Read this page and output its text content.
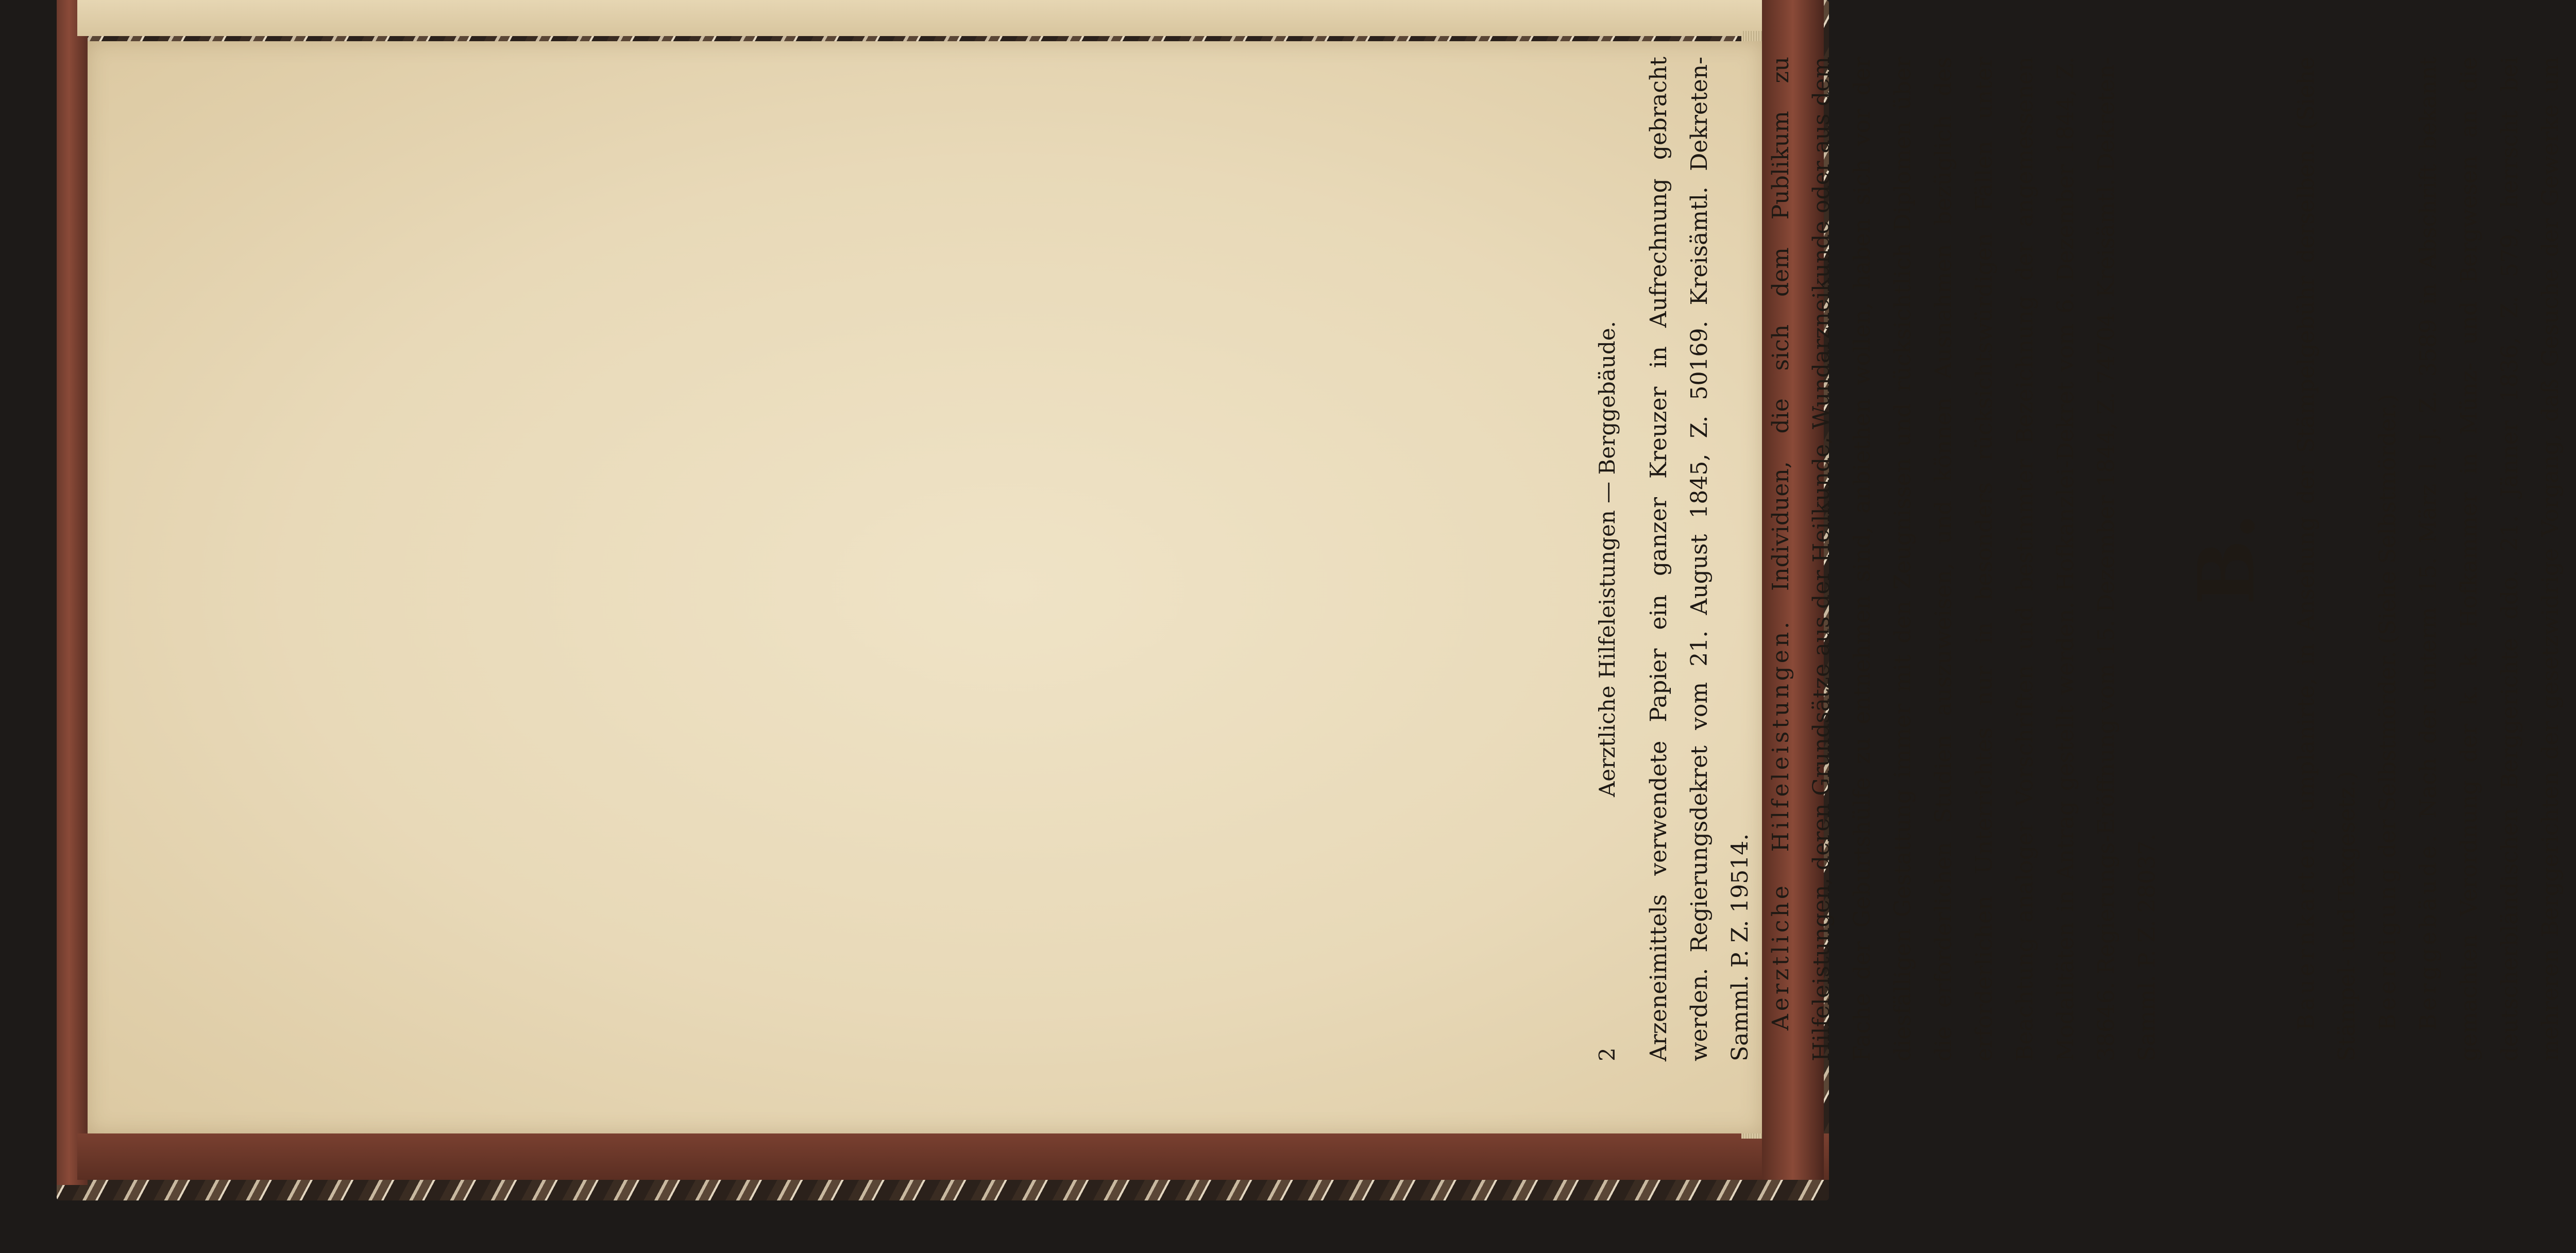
2
Aerztliche Hilfeleistungen — Berggebäude.	Arzeneimittels verwendete Papier ein ganzer Kreuzer in Aufrechnung gebracht werden. Regierungsdekret vom 21. August 1845, Z. 50169. Kreisämtl. Dekreten-Samml. P. Z. 19514. Aerztliche Hilfeleistungen. Individuen, die sich dem Publikum zu Hilfeleistungen, deren Grundsätze aus der Heilkunde, Wundarzneikunde oder aus dem Fache der Geburtshülfe zu entnehmen sind, anbiethen wollen, haben sich vor der diesfälligen Gestattung immer mit den Zeugnissen und rücksichtlich Diplomen über die erforderlichen Studien auszuweisen, und können Ausnahmen bezüglich des erforderlichen Unterrichtes nur in besonders rücksichtswürdigen Fällen unter Beachtung analoger Vorschriften und bestimmter Bezeichnung der angemessenen Modalitäten in Antrag gestellt werden. Hofkanzlei-Dekret vom 6. Dezember 1844, Z. 38646. Regierungs-Eröffnung vom 15. Dezember 1844, Z. 74704. Kreisämtl. Dekreten-Samml. P. Z. 28037.

B.

Bauernkarten, umplanirte, in Ansehung der Stämpelgebühr derselben. (Siehe Stämpel- und Taxgesetz.) Beerdigung der Selbstmörder. (Siehe Selbstmörder.)

Berggebäude. Nach der unterm 15. März l. J. Z. 3589 in Abschrift bekannt gemachten Verordnung der k. k. Hofkammer in Münz- und Bergwesen an die deutscherbländischen Berggerichte ddo. 21. Jänner 1836, Z. 579, herrscht bei mehreren Berggerichten der gesetzwidrige Vorgang, daß Gesuche der Gewerke um
